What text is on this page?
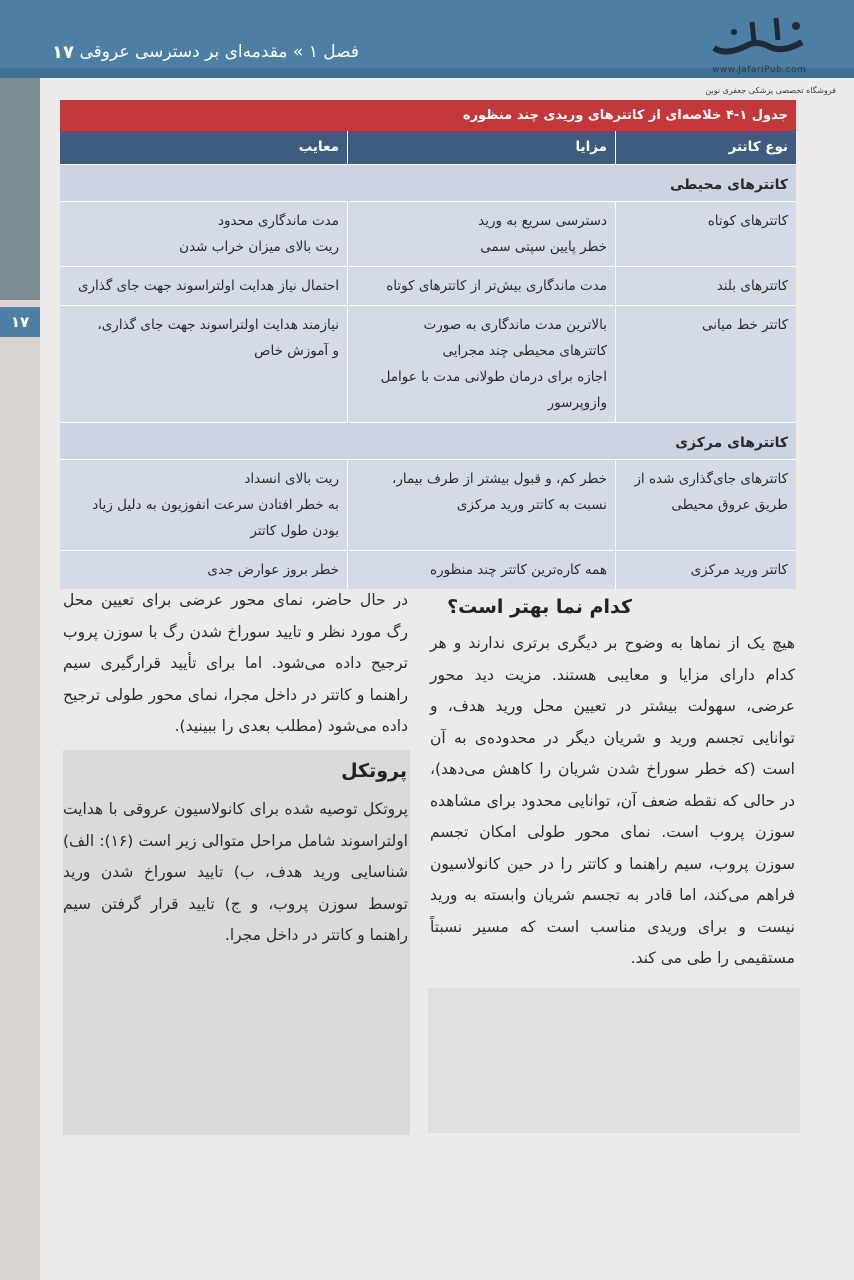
فصل ۱ » مقدمه‌ای بر دسترسی عروقی
۱۷
www.JafariPub.com
فروشگاه تخصصی پزشکی جعفری نوین
۱۷
جدول ۱-۴ خلاصه‌ای از کاتترهای وریدی چند منظوره
نوع کاتتر
مزایا
معایب
کاتترهای محیطی
کاتترهای کوتاه
دسترسی سریع به ورید
خطر پایین سپتی سمی
مدت ماندگاری محدود
ریت بالای میزان خراب شدن
کاتترهای بلند
مدت ماندگاری بیش‌تر از کاتترهای کوتاه
احتمال نیاز هدایت اولتراسوند جهت جای گذاری
کاتتر خط میانی
بالاترین مدت ماندگاری به صورت
کاتترهای محیطی چند مجرایی
اجازه برای درمان طولانی مدت با عوامل
وازوپرسور
نیازمند هدایت اولتراسوند جهت جای گذاری،
و آموزش خاص
کاتترهای مرکزی
کاتترهای جای‌گذاری شده از طریق عروق محیطی
خطر کم، و قبول بیشتر از طرف بیمار،
نسبت به کاتتر ورید مرکزی
ریت بالای انسداد
به خطر افتادن سرعت انفوزیون به دلیل زیاد
بودن طول کاتتر
کاتتر ورید مرکزی
همه کاره‌ترین کاتتر چند منظوره
خطر بروز عوارض جدی
کدام نما بهتر است؟
هیچ یک از نماها به وضوح بر دیگری برتری ندارند و هر کدام دارای مزایا و معایبی هستند. مزیت دید محور عرضی، سهولت بیشتر در تعیین محل ورید هدف، و توانایی تجسم ورید و شریان دیگر در محدوده‌ی به آن است (که خطر سوراخ شدن شریان را کاهش می‌دهد)، در حالی که نقطه ضعف آن، توانایی محدود برای مشاهده سوزن پروب است. نمای محور طولی امکان تجسم سوزن پروب، سیم راهنما و کاتتر را در حین کانولاسیون فراهم می‌کند، اما قادر به تجسم شریان وابسته به ورید نیست و برای وریدی مناسب است که مسیر نسبتاً مستقیمی را طی می کند.
در حال حاضر، نمای محور عرضی برای تعیین محل رگ مورد نظر و تایید سوراخ شدن رگ با سوزن پروب ترجیح داده می‌شود. اما برای تأیید قرارگیری سیم راهنما و کاتتر در داخل مجرا، نمای محور طولی ترجیح داده می‌شود (مطلب بعدی را ببینید).
پروتکل
پروتکل توصیه شده برای کانولاسیون عروقی با هدایت اولتراسوند شامل مراحل متوالی زیر است (۱۶): الف) شناسایی ورید هدف، ب) تایید سوراخ شدن ورید توسط سوزن پروب، و ج) تایید قرار گرفتن سیم راهنما و کاتتر در داخل مجرا.
